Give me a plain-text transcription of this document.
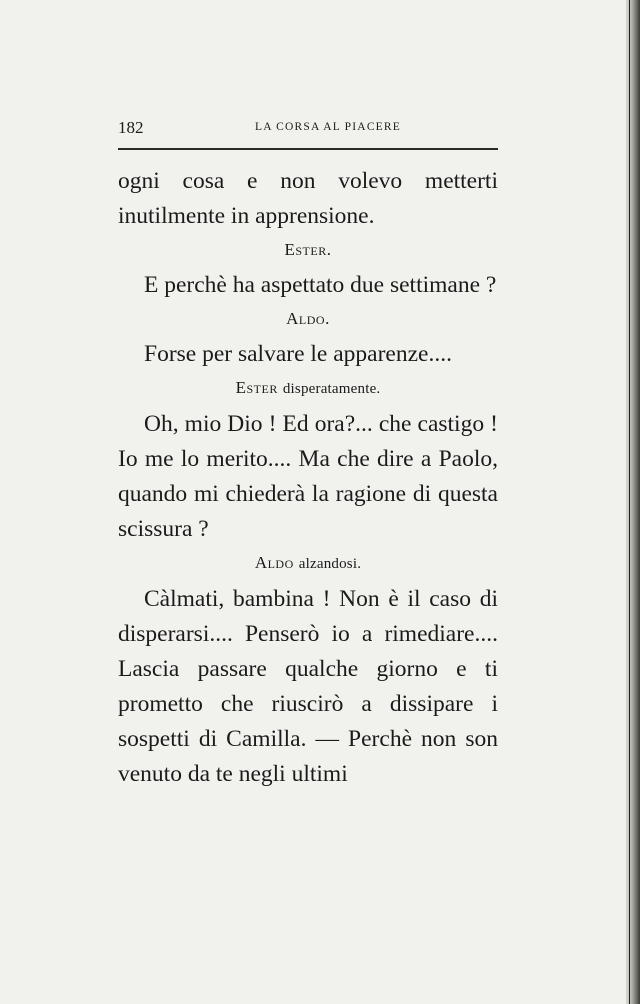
182	LA CORSA AL PIACERE

ogni cosa e non volevo metterti inutilmente in apprensione.

Ester.

E perchè ha aspettato due settimane ?

Aldo.

Forse per salvare le apparenze....

Ester disperatamente.

Oh, mio Dio ! Ed ora?... che castigo ! Io me lo merito.... Ma che dire a Paolo, quando mi chiederà la ragione di questa scissura ?

Aldo alzandosi.

Càlmati, bambina ! Non è il caso di disperarsi.... Penserò io a rimediare.... Lascia passare qualche giorno e ti prometto che riuscirò a dissipare i sospetti di Camilla. — Perchè non son venuto da te negli ultimi
